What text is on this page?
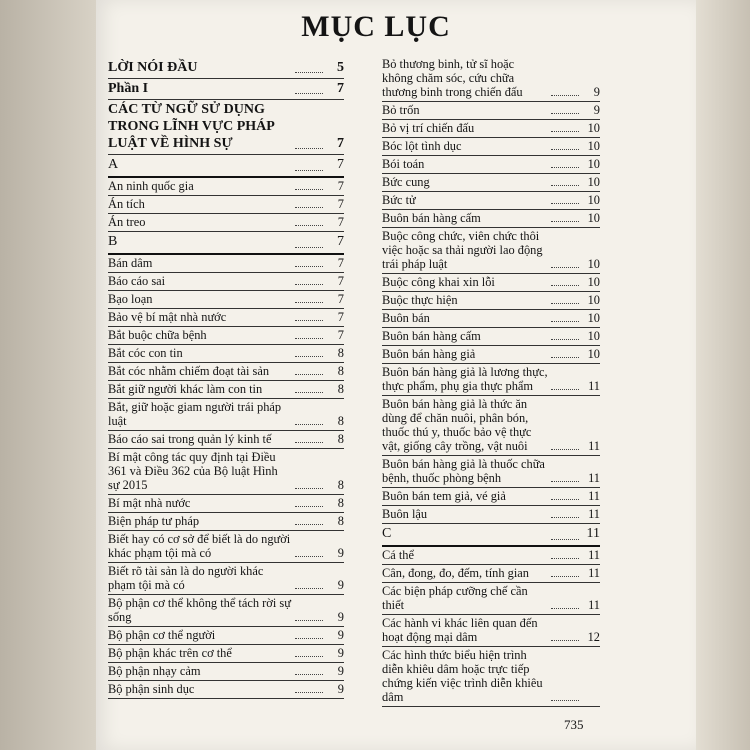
MỤC LỤC
LỜI NÓI ĐẦU	5
Phần I	7
CÁC TỪ NGỮ SỬ DỤNG TRONG LĨNH VỰC PHÁP LUẬT VỀ HÌNH SỰ	7
A	7
An ninh quốc gia	7
Án tích	7
Án treo	7
B	7
Bán dâm	7
Báo cáo sai	7
Bạo loạn	7
Bảo vệ bí mật nhà nước	7
Bắt buộc chữa bệnh	7
Bắt cóc con tin	8
Bắt cóc nhằm chiếm đoạt tài sản	8
Bắt giữ người khác làm con tin	8
Bắt, giữ hoặc giam người trái pháp luật	8
Báo cáo sai trong quản lý kinh tế	8
Bí mật công tác quy định tại Điều 361 và Điều 362 của Bộ luật Hình sự 2015	8
Bí mật nhà nước	8
Biện pháp tư pháp	8
Biết hay có cơ sở để biết là do người khác phạm tội mà có	9
Biết rõ tài sản là do người khác phạm tội mà có	9
Bộ phận cơ thể không thể tách rời sự sống	9
Bộ phận cơ thể người	9
Bộ phận khác trên cơ thể	9
Bộ phận nhạy cảm	9
Bộ phận sinh dục	9
Bỏ thương binh, tử sĩ hoặc không chăm sóc, cứu chữa thương binh trong chiến đấu	9
Bỏ trốn	9
Bỏ vị trí chiến đấu	10
Bóc lột tình dục	10
Bói toán	10
Bức cung	10
Bức tử	10
Buôn bán hàng cấm	10
Buộc công chức, viên chức thôi việc hoặc sa thải người lao động trái pháp luật	10
Buộc công khai xin lỗi	10
Buộc thực hiện	10
Buôn bán	10
Buôn bán hàng cấm	10
Buôn bán hàng giả	10
Buôn bán hàng giả là lương thực, thực phẩm, phụ gia thực phẩm	11
Buôn bán hàng giả là thức ăn dùng để chăn nuôi, phân bón, thuốc thú y, thuốc bảo vệ thực vật, giống cây trồng, vật nuôi	11
Buôn bán hàng giả là thuốc chữa bệnh, thuốc phòng bệnh	11
Buôn bán tem giả, vé giả	11
Buôn lậu	11
C	11
Cá thể	11
Cân, đong, đo, đếm, tính gian	11
Các biện pháp cưỡng chế cần thiết	11
Các hành vi khác liên quan đến hoạt động mại dâm	12
Các hình thức biểu hiện trình diễn khiêu dâm hoặc trực tiếp chứng kiến việc trình diễn khiêu dâm
735
